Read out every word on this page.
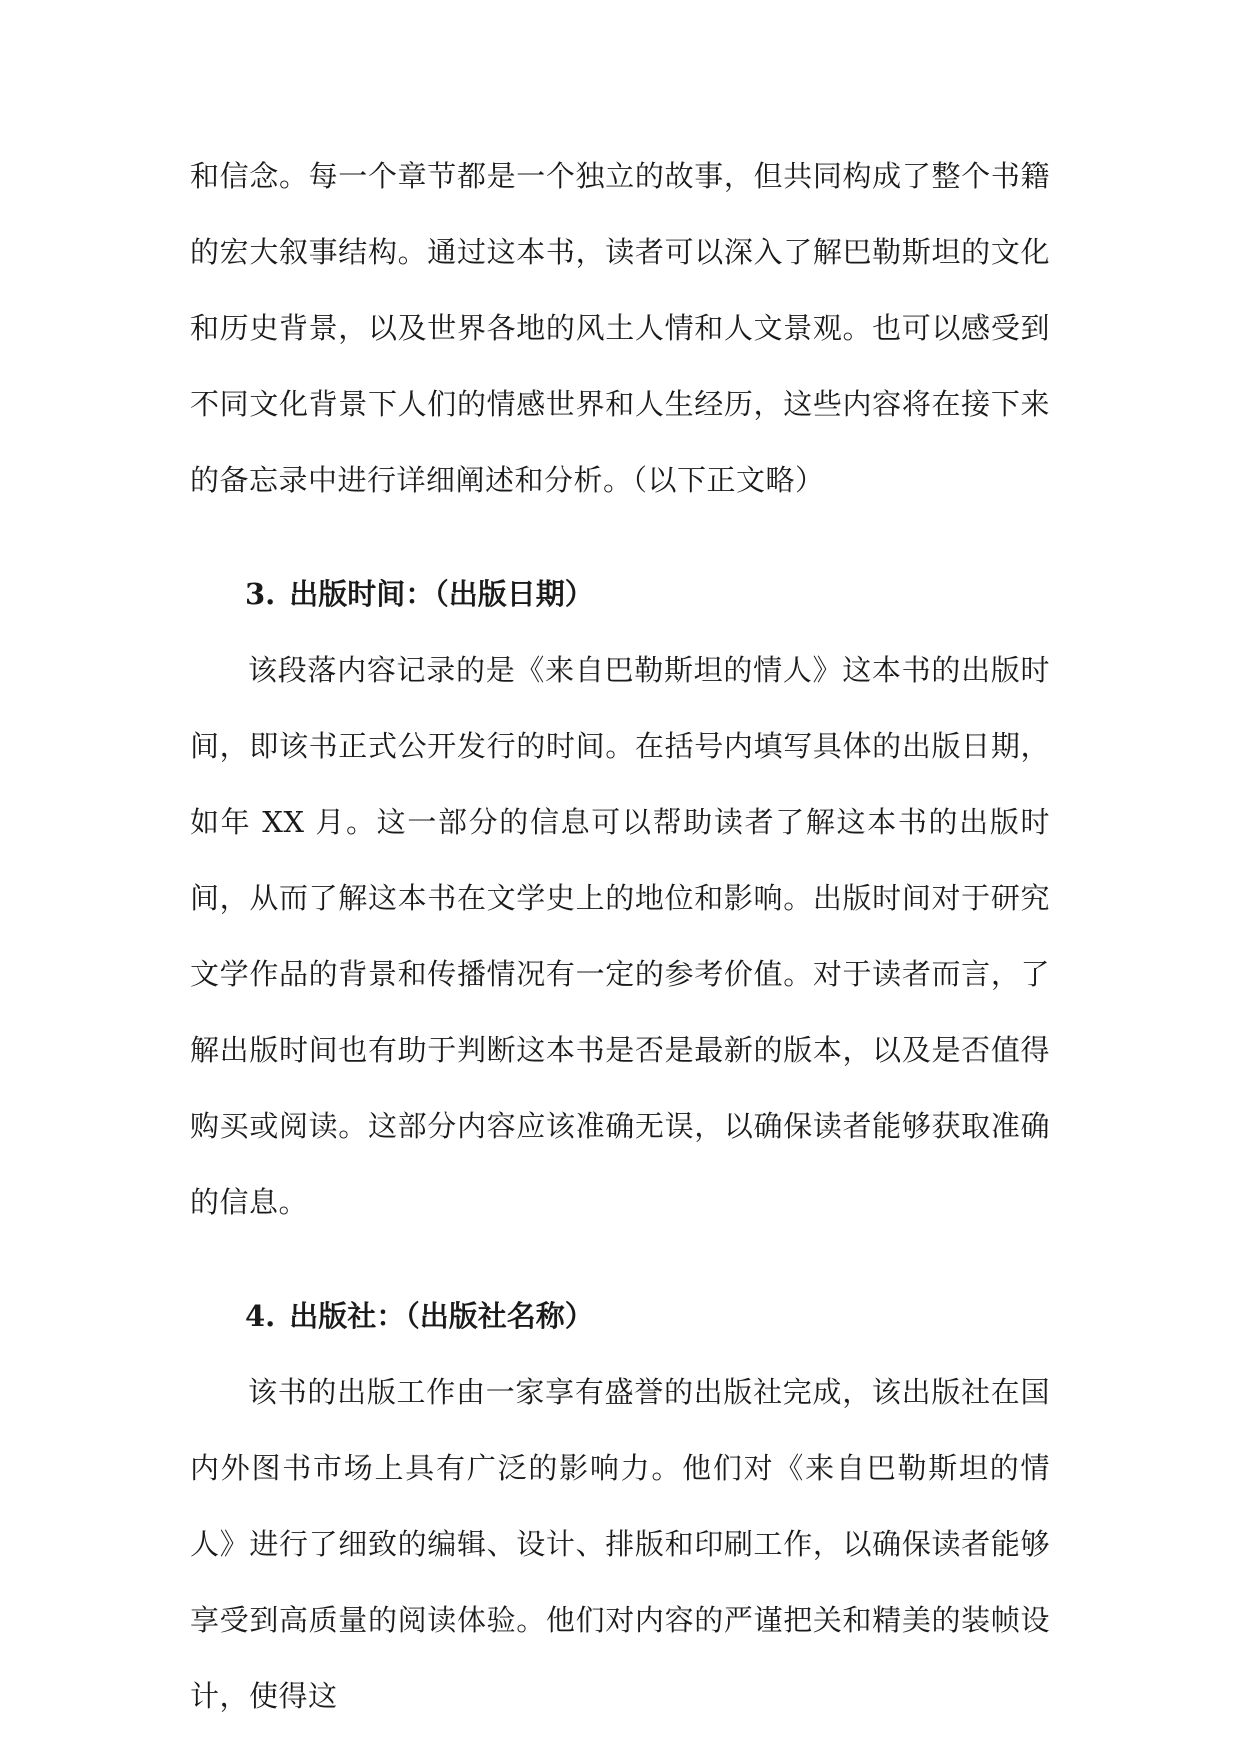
和信念。每一个章节都是一个独立的故事，但共同构成了整个书籍的宏大叙事结构。通过这本书，读者可以深入了解巴勒斯坦的文化和历史背景，以及世界各地的风土人情和人文景观。也可以感受到不同文化背景下人们的情感世界和人生经历，这些内容将在接下来的备忘录中进行详细阐述和分析。（以下正文略）

3. 出版时间：（出版日期）

该段落内容记录的是《来自巴勒斯坦的情人》这本书的出版时间，即该书正式公开发行的时间。在括号内填写具体的出版日期，如年 XX 月。这一部分的信息可以帮助读者了解这本书的出版时间，从而了解这本书在文学史上的地位和影响。出版时间对于研究文学作品的背景和传播情况有一定的参考价值。对于读者而言，了解出版时间也有助于判断这本书是否是最新的版本，以及是否值得购买或阅读。这部分内容应该准确无误，以确保读者能够获取准确的信息。

4. 出版社：（出版社名称）

该书的出版工作由一家享有盛誉的出版社完成，该出版社在国内外图书市场上具有广泛的影响力。他们对《来自巴勒斯坦的情人》进行了细致的编辑、设计、排版和印刷工作，以确保读者能够享受到高质量的阅读体验。他们对内容的严谨把关和精美的装帧设计，使得这
